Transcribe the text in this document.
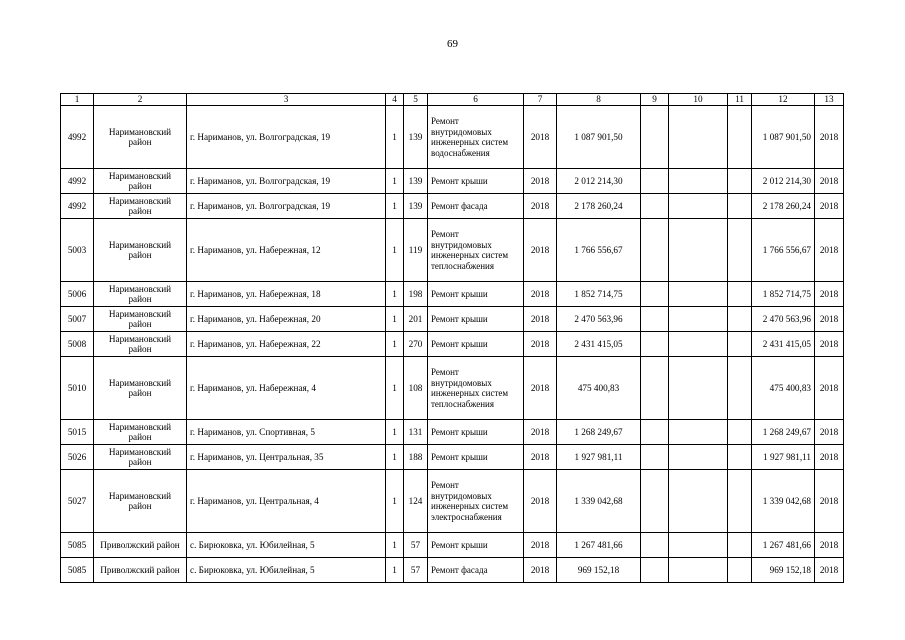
69
1	2	3	4	5	6	7	8	9	10	11	12	13
4992	Наримановский район	г. Нариманов, ул. Волгоградская, 19	1	139	Ремонт внутридомовых инженерных систем водоснабжения	2018	1 087 901,50				1 087 901,50	2018
4992	Наримановский район	г. Нариманов, ул. Волгоградская, 19	1	139	Ремонт крыши	2018	2 012 214,30				2 012 214,30	2018
4992	Наримановский район	г. Нариманов, ул. Волгоградская, 19	1	139	Ремонт фасада	2018	2 178 260,24				2 178 260,24	2018
5003	Наримановский район	г. Нариманов, ул. Набережная, 12	1	119	Ремонт внутридомовых инженерных систем теплоснабжения	2018	1 766 556,67				1 766 556,67	2018
5006	Наримановский район	г. Нариманов, ул. Набережная, 18	1	198	Ремонт крыши	2018	1 852 714,75				1 852 714,75	2018
5007	Наримановский район	г. Нариманов, ул. Набережная, 20	1	201	Ремонт крыши	2018	2 470 563,96				2 470 563,96	2018
5008	Наримановский район	г. Нариманов, ул. Набережная, 22	1	270	Ремонт крыши	2018	2 431 415,05				2 431 415,05	2018
5010	Наримановский район	г. Нариманов, ул. Набережная, 4	1	108	Ремонт внутридомовых инженерных систем теплоснабжения	2018	475 400,83				475 400,83	2018
5015	Наримановский район	г. Нариманов, ул. Спортивная, 5	1	131	Ремонт крыши	2018	1 268 249,67				1 268 249,67	2018
5026	Наримановский район	г. Нариманов, ул. Центральная, 35	1	188	Ремонт крыши	2018	1 927 981,11				1 927 981,11	2018
5027	Наримановский район	г. Нариманов, ул. Центральная, 4	1	124	Ремонт внутридомовых инженерных систем электроснабжения	2018	1 339 042,68				1 339 042,68	2018
5085	Приволжский район	с. Бирюковка, ул. Юбилейная, 5	1	57	Ремонт крыши	2018	1 267 481,66				1 267 481,66	2018
5085	Приволжский район	с. Бирюковка, ул. Юбилейная, 5	1	57	Ремонт фасада	2018	969 152,18				969 152,18	2018
